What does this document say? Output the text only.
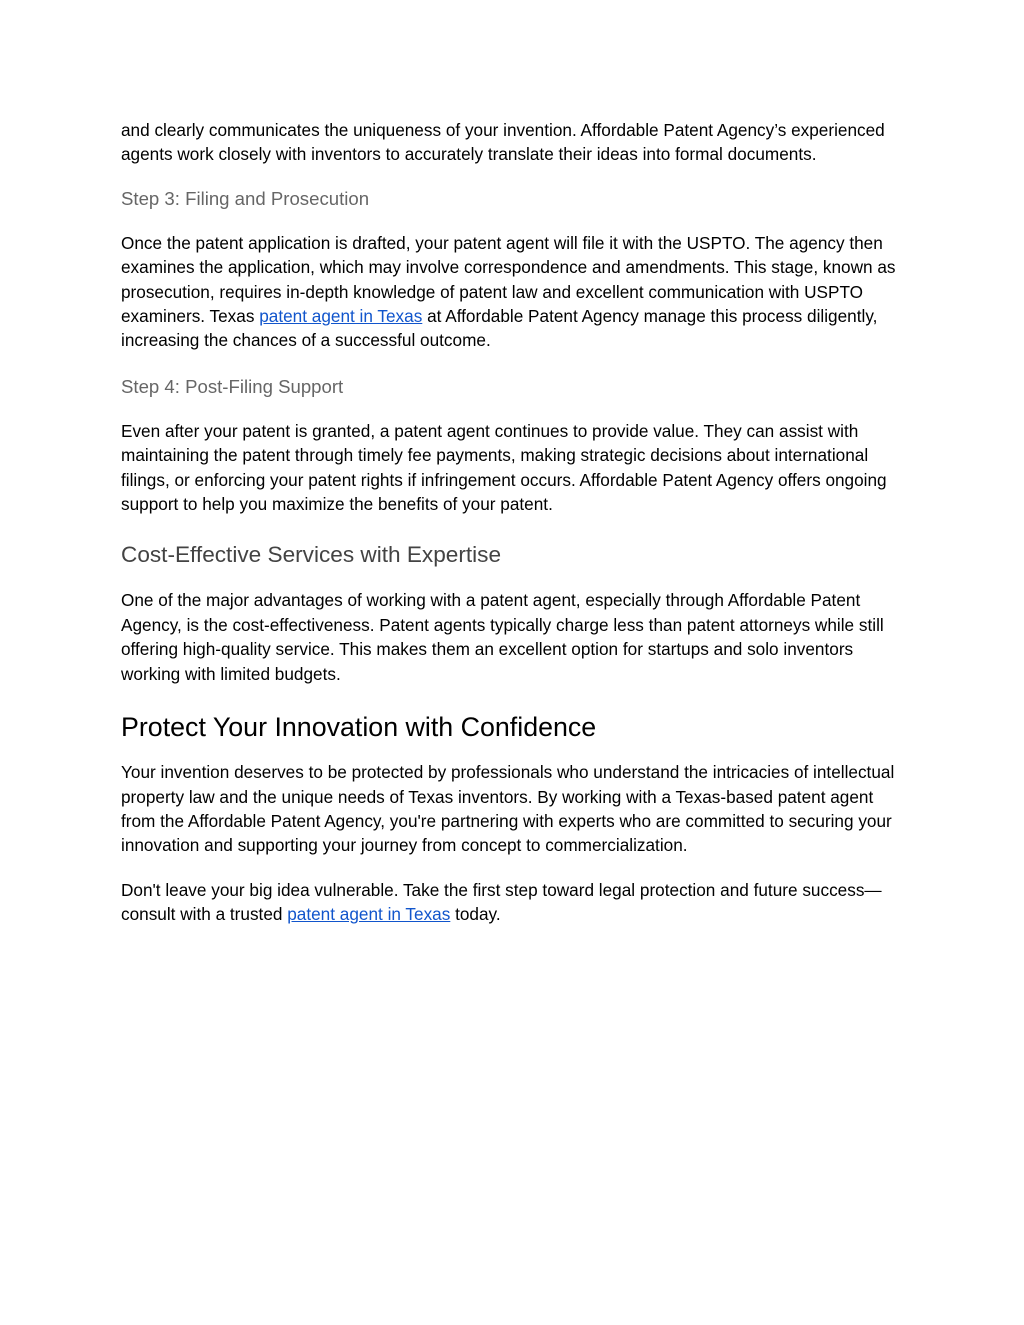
and clearly communicates the uniqueness of your invention. Affordable Patent Agency’s experienced agents work closely with inventors to accurately translate their ideas into formal documents.

Step 3: Filing and Prosecution

Once the patent application is drafted, your patent agent will file it with the USPTO. The agency then examines the application, which may involve correspondence and amendments. This stage, known as prosecution, requires in-depth knowledge of patent law and excellent communication with USPTO examiners. Texas patent agent in Texas at Affordable Patent Agency manage this process diligently, increasing the chances of a successful outcome.

Step 4: Post-Filing Support

Even after your patent is granted, a patent agent continues to provide value. They can assist with maintaining the patent through timely fee payments, making strategic decisions about international filings, or enforcing your patent rights if infringement occurs. Affordable Patent Agency offers ongoing support to help you maximize the benefits of your patent.

Cost-Effective Services with Expertise

One of the major advantages of working with a patent agent, especially through Affordable Patent Agency, is the cost-effectiveness. Patent agents typically charge less than patent attorneys while still offering high-quality service. This makes them an excellent option for startups and solo inventors working with limited budgets.

Protect Your Innovation with Confidence

Your invention deserves to be protected by professionals who understand the intricacies of intellectual property law and the unique needs of Texas inventors. By working with a Texas-based patent agent from the Affordable Patent Agency, you're partnering with experts who are committed to securing your innovation and supporting your journey from concept to commercialization.

Don't leave your big idea vulnerable. Take the first step toward legal protection and future success—consult with a trusted patent agent in Texas today.
